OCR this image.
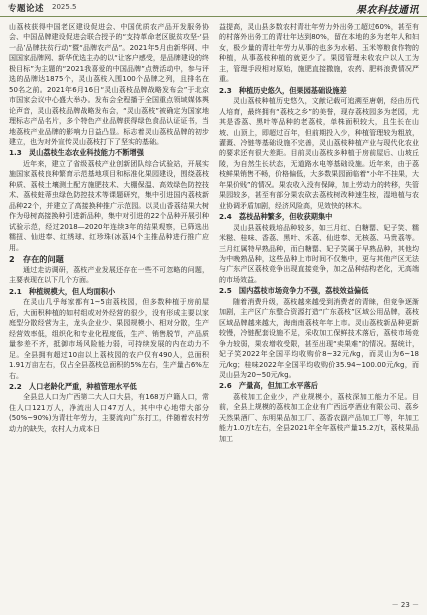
专题论述 2025.5	果农科技通讯

山荔枝获得中国老区建设促进会、中国优质农产品开发服务协会、中国品牌建设促进会联合授予的“支持革命老区脱贫攻坚-‘县一品’品牌扶贫行动”暨“品牌农产品”。2021年5月由新华网、中国国家品牌网、新华优选主办的以“让客户感受，是品牌建设的终极目标”为主题的“2021我喜爱的中国品牌”点赞活动中，参与评选的品牌达1875个，灵山荔枝入围100个品牌之列，且排名在50名之前。2021年6月16日“灵山荔枝品牌战略发布会”于北京市国家会议中心盛大举办。发布会全程播于全国重点领域媒体舆论声音，灵山荔枝品牌战略发布会，“灵山荔枝”被确定为国家地理标志产品名片，多个特色产业品牌获得绿色食品认证证书，当地荔枝产业品牌的影响力日益凸显。标志着灵山荔枝品牌的初步建立，也为对外宣传灵山荔枝打下了坚实的基础。

1.3　灵山荔枝生态农业科技能力不断增强

近年来，建立了省级荔枝产业创新团队综合试验站，开展实施国家荔枝良种繁育示范基地项目和标准化果园建设，围绕荔枝种质、荔枝土壤测土配方施肥技术、大棚保温、高效绿色防控技术、荔枝蛀蒂虫绿色防控技术等课题研究，集中引进国内荔枝新品种22个，并建立了高接换种推广示范园。以灵山香荔结果大树作为母树高接换种引进新品种，集中对引进的22个品种开展引种试验示范，经过2018—2020年连续3年的结果观察，已筛选出糯扭、仙进奉、红绣球、红珍珠(冰荔)4个主推品种进行推广应用。

2　存在的问题

通过走访调研，荔枝产业发展还存在一些不可忽略的问题，主要表现在以下几个方面。

2.1　种植规模大，但人均面积小

在灵山几乎每家都有1~5亩荔枝园，但多数种植于房前屋后，大面积种植的如村组或对外经营的很少，没有形成主要以家庭型分散经营为主，龙头企业少、果园规模小、相对分散，生产经营效率低，组织化和专业化程度低，生产、销售脱节，产品质量参差不齐，抵御市场风险能力弱，可持续发展的内在动力不足。全县拥有超过10亩以上荔枝园的农户仅有490人，总面积1.91万亩左右，仅占全县荔枝总面积的5%左右，生产量占6%左右。

2.2　人口老龄化严重，种植管理水平低

全县总人口为广西第二大人口大县，有168万户籍人口，常住人口121万人，净流出人口47万人，其中中心地带大部分(50%~90%)为青壮年劳力，主要流向广东打工，伴随着农村劳动力的缺失，农村人力成本日

益提高，灵山县多数农村青壮年劳力外出务工超过60%，甚至有的村落外出务工的青壮年达到80%，留在本地的多为老年人和妇女，极少量的青壮年劳力从事的也多为水稻、玉米等粮食作物的种植，从事荔枝种植的就更少了。果园管理未收农户以人工为主，管理手段相对原始，施肥直接撒施，农药、肥料浪费情况严重。

2.3　种植历史悠久，但果园基础设施差

灵山荔枝种植历史悠久，文献记载可追溯至唐朝，经由历代人培育，最终拥有“荔枝之乡”的美誉，现存荔枝园多为老园，尤其是香荔、黑叶等品种的老荔枝，单株面积较大，且生长在山坡、山顶上，即超过百年，但前期投入少，种植管理较为粗放，灌溉、冷链等基础设施不完善，灵山荔枝种植产业与现代化农业的要求还有很大差距。目前灵山荔枝多种植于房前屋后、山坡丘陵，为自然生长状态，无道路水电等基础设施。近年来，由于荔枝鲜果销售不畅，价格偏低，大多数果园面临着“小年不挂果，大年果价贱”的情况。果农收入没有保障，加上劳动力的转移，失管果园较多，甚至有部分果农砍去荔枝树改种速生桉，湿地植与农业协调矛盾加剧，经济风险高，见效快的林木。

2.4　荔枝品种繁多，但收获期集中

灵山县荔枝栽培品种较多，如三月红、白糖罂、妃子笑、糯米糍、桂味、香荔、黑叶、禾荔、仙进奉、无核荔、马贵荔等。三月红属特早熟品种，而白糖罂、妃子笑属于早熟品种，其他均为中晚熟品种，这些品种上市时间不仅集中，更与其他产区无法与广东产区荔枝竞争出现直接竞争，加之品种结构老化，无高端的市场效益。

2.5　国内荔枝市场竞争力不强，荔枝效益偏低

随着消费升级，荔枝越来越受到消费者的青睐，但竞争逐渐加剧，主产区广东整合资源打造“广东荔枝”区域公用品牌，荔枝区域品牌越来越大，海南南荔枝年年上市。灵山荔枝新品种更新较慢，冷链配套设施不足，采收加工保鲜技术落后，荔枝市场竞争力较弱，果农增收受限，甚至出现“卖果难”的情况。据统计，妃子笑2022年全国平均收购价8~32元/kg，而灵山为6~18元/kg；桂味2022年全国平均收购价35.94~100.00元/kg，而灵山县为20~50元/kg。

2.6　产量高，但加工水平落后

荔枝加工企业少，产业规模小，荔枝深加工能力不足。目前，全县上规模的荔枝加工企业有广西远亭酒业有限公司、荔乡天然果酒厂、东明果品加工厂、荔香农副产品加工厂等，年加工能力1.0万t左右，全县2021年全年荔枝产量15.2万t，荔枝果品加工

－ 23 －
